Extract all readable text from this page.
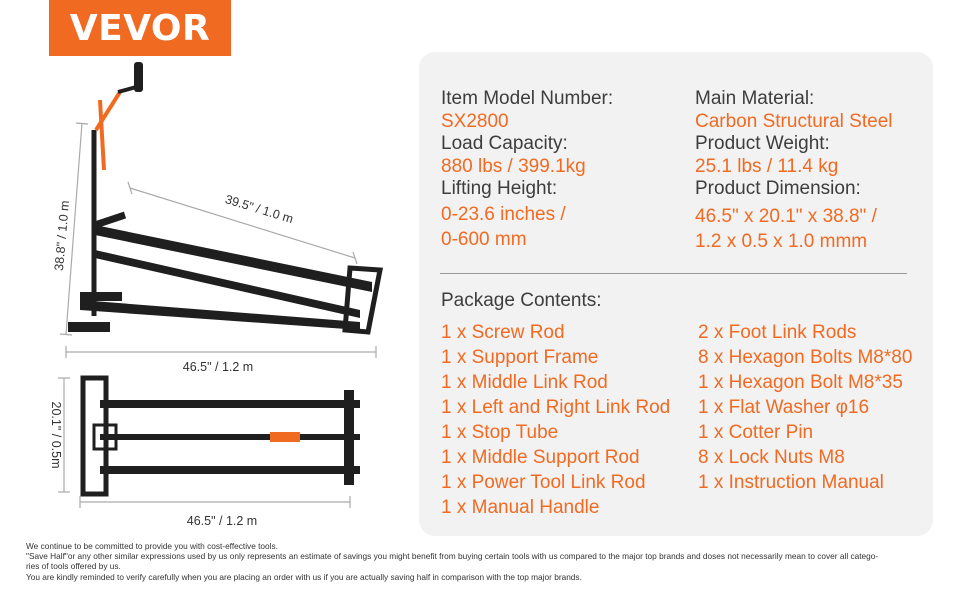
VEVOR
38.8" / 1.0 m	39.5" / 1.0 m
46.5" / 1.2 m
20.1" / 0.5m
46.5" / 1.2 m
Item Model Number:
SX2800
Load Capacity:
880 lbs / 399.1kg
Lifting Height:
0-23.6 inches /
0-600 mm
Main Material:
Carbon Structural Steel
Product Weight:
25.1 lbs / 11.4 kg
Product Dimension:
46.5" x 20.1" x 38.8" /
1.2 x 0.5 x 1.0 mmm
Package Contents:
1 x Screw Rod
1 x Support Frame
1 x Middle Link Rod
1 x Left and Right Link Rod
1 x Stop Tube
1 x Middle Support Rod
1 x Power Tool Link Rod
1 x Manual Handle
2 x Foot Link Rods
8 x Hexagon Bolts M8*80
1 x Hexagon Bolt M8*35
1 x Flat Washer φ16
1 x Cotter Pin
8 x Lock Nuts M8
1 x Instruction Manual
We continue to be committed to provide you with cost-effective tools.
"Save Half"or any other similar expressions used by us only represents an estimate of savings you might benefit from buying certain tools with us compared to the major top brands and doses not necessarily mean to cover all catego-
ries of tools offered by us.
You are kindly reminded to verify carefully when you are placing an order with us if you are actually saving half in comparison with the top major brands.
